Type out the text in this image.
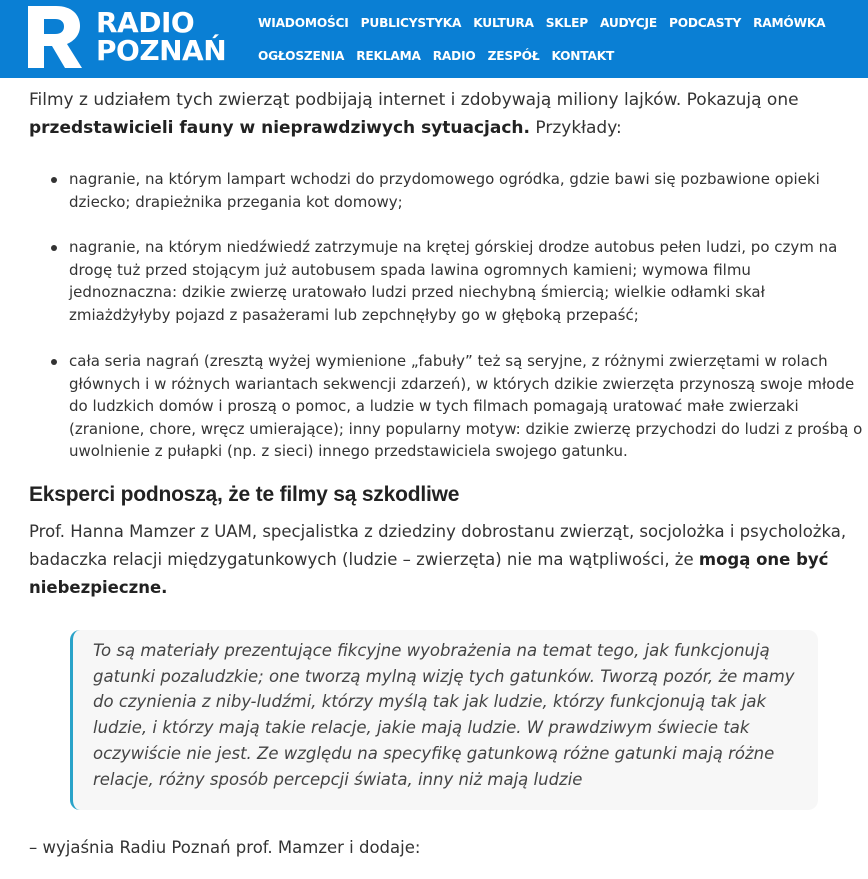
RADIO
POZNAŃ
WIADOMOŚCI PUBLICYSTYKA KULTURA SKLEP AUDYCJE PODCASTY RAMÓWKA
OGŁOSZENIA REKLAMA RADIO ZESPÓŁ KONTAKT

Filmy z udziałem tych zwierząt podbijają internet i zdobywają miliony lajków. Pokazują one przedstawicieli fauny w nieprawdziwych sytuacjach. Przykłady:

nagranie, na którym lampart wchodzi do przydomowego ogródka, gdzie bawi się pozbawione opieki dziecko; drapieżnika przegania kot domowy;
nagranie, na którym niedźwiedź zatrzymuje na krętej górskiej drodze autobus pełen ludzi, po czym na drogę tuż przed stojącym już autobusem spada lawina ogromnych kamieni; wymowa filmu jednoznaczna: dzikie zwierzę uratowało ludzi przed niechybną śmiercią; wielkie odłamki skał zmiażdżyłyby pojazd z pasażerami lub zepchnęłyby go w głęboką przepaść;
cała seria nagrań (zresztą wyżej wymienione „fabuły” też są seryjne, z różnymi zwierzętami w rolach głównych i w różnych wariantach sekwencji zdarzeń), w których dzikie zwierzęta przynoszą swoje młode do ludzkich domów i proszą o pomoc, a ludzie w tych filmach pomagają uratować małe zwierzaki (zranione, chore, wręcz umierające); inny popularny motyw: dzikie zwierzę przychodzi do ludzi z prośbą o uwolnienie z pułapki (np. z sieci) innego przedstawiciela swojego gatunku.
Eksperci podnoszą, że te filmy są szkodliwe

Prof. Hanna Mamzer z UAM, specjalistka z dziedziny dobrostanu zwierząt, socjolożka i psycholożka, badaczka relacji międzygatunkowych (ludzie – zwierzęta) nie ma wątpliwości, że mogą one być niebezpieczne.

To są materiały prezentujące fikcyjne wyobrażenia na temat tego, jak funkcjonują gatunki pozaludzkie; one tworzą mylną wizję tych gatunków. Tworzą pozór, że mamy do czynienia z niby-ludźmi, którzy myślą tak jak ludzie, którzy funkcjonują tak jak ludzie, i którzy mają takie relacje, jakie mają ludzie. W prawdziwym świecie tak oczywiście nie jest. Ze względu na specyfikę gatunkową różne gatunki mają różne relacje, różny sposób percepcji świata, inny niż mają ludzie

– wyjaśnia Radiu Poznań prof. Mamzer i dodaje:
